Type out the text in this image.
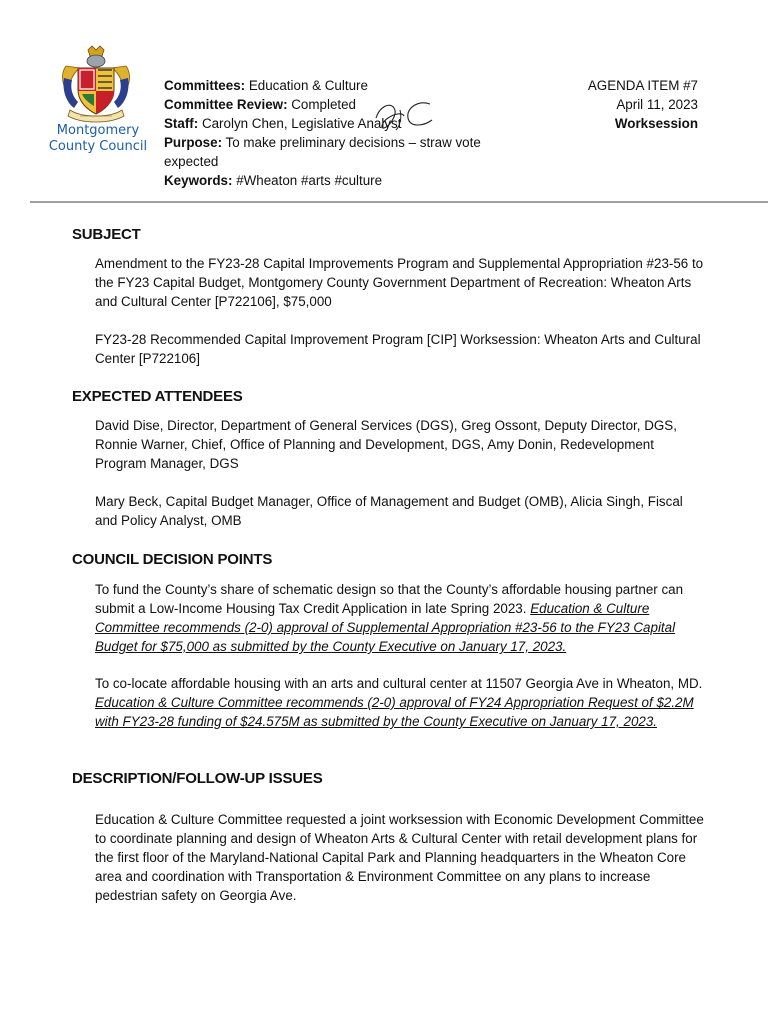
Montgomery
County Council
Committees: Education & Culture
Committee Review: Completed
Staff: Carolyn Chen, Legislative Analyst
Purpose: To make preliminary decisions – straw vote expected
Keywords: #Wheaton #arts #culture
AGENDA ITEM #7
April 11, 2023
Worksession
SUBJECT
Amendment to the FY23-28 Capital Improvements Program and Supplemental Appropriation #23-56 to the FY23 Capital Budget, Montgomery County Government Department of Recreation: Wheaton Arts and Cultural Center [P722106], $75,000
FY23-28 Recommended Capital Improvement Program [CIP] Worksession: Wheaton Arts and Cultural Center [P722106]
EXPECTED ATTENDEES
David Dise, Director, Department of General Services (DGS), Greg Ossont, Deputy Director, DGS, Ronnie Warner, Chief, Office of Planning and Development, DGS, Amy Donin, Redevelopment Program Manager, DGS
Mary Beck, Capital Budget Manager, Office of Management and Budget (OMB), Alicia Singh, Fiscal and Policy Analyst, OMB
COUNCIL DECISION POINTS
To fund the County’s share of schematic design so that the County’s affordable housing partner can submit a Low-Income Housing Tax Credit Application in late Spring 2023. Education & Culture Committee recommends (2-0) approval of Supplemental Appropriation #23-56 to the FY23 Capital Budget for $75,000 as submitted by the County Executive on January 17, 2023.
To co-locate affordable housing with an arts and cultural center at 11507 Georgia Ave in Wheaton, MD. Education & Culture Committee recommends (2-0) approval of FY24 Appropriation Request of $2.2M with FY23-28 funding of $24.575M as submitted by the County Executive on January 17, 2023.
DESCRIPTION/FOLLOW-UP ISSUES
Education & Culture Committee requested a joint worksession with Economic Development Committee to coordinate planning and design of Wheaton Arts & Cultural Center with retail development plans for the first floor of the Maryland-National Capital Park and Planning headquarters in the Wheaton Core area and coordination with Transportation & Environment Committee on any plans to increase pedestrian safety on Georgia Ave.
